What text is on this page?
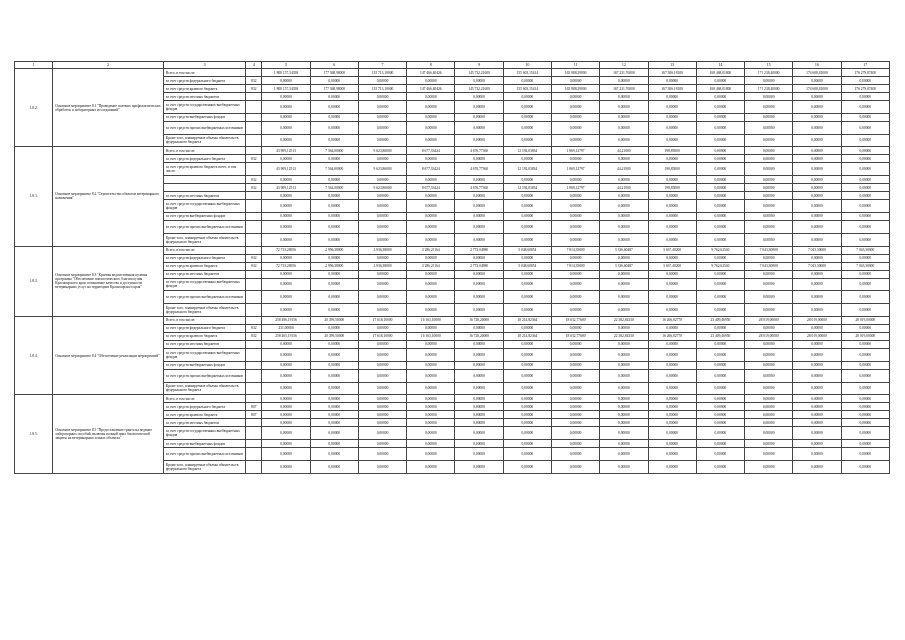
1	2	3	4	5	6	7	8	9	10	11	12	13	14	15	16	17
1.8.2.	Основное мероприятие 8.1 "Проведение полевых профилактических обработок и лабораторных исследований"	Всего, в том числе:		1 808 157,34358	177 368,98000	135 713,10000	147 466,40426	145 732,21600	155 603,15414	165 888,29000	167 231,76000	167 306,18100	168 468,01800	171 238,40000	174 608,81000	176 279,87400
		за счет средств федерального бюджета	832	0,00000	0,00000	0,00000	0,00000	0,00000	0,00000	0,00000	0,00000	0,00000	0,00000	0,00000	0,00000	0,00000
		за счет средств краевого бюджета	832	1 808 157,34358	177 368,98000	135 713,10000	147 466,40426	145 732,21600	155 603,15414	165 888,29000	167 231,76000	167 306,18100	168 468,01800	171 238,40000	174 608,81000	176 279,87400
		за счет средств местных бюджетов		0,00000	0,00000	0,00000	0,00000	0,00000	0,00000	0,00000	0,00000	0,00000	0,00000	0,00000	0,00000	0,00000
		за счет средств государственных внебюджетных фондов		0,00000	0,00000	0,00000	0,00000	0,00000	0,00000	0,00000	0,00000	0,00000	0,00000	0,00000	0,00000	0,00000
		за счет средств внебюджетных фондов		0,00000	0,00000	0,00000	0,00000	0,00000	0,00000	0,00000	0,00000	0,00000	0,00000	0,00000	0,00000	0,00000
		за счет средств прочих внебюджетных источников		0,00000	0,00000	0,00000	0,00000	0,00000	0,00000	0,00000	0,00000	0,00000	0,00000	0,00000	0,00000	0,00000
		Кроме того, планируемые объемы обязательств федерального бюджета		0,00000	0,00000	0,00000	0,00000	0,00000	0,00000	0,00000	0,00000	0,00000	0,00000	0,00000	0,00000	0,00000
1.8.3.	Основное мероприятие 8.2 "Строительство объектов ветеринарного назначения"	Всего, в том числе:		43 909,12513	7 564,00000	9 623,86000	8 677,33424	4 676,77360	12 192,03834	1 869,12797	44,21000	198,85000	0,00000	0,00000	0,00000	0,00000
		за счет средств федерального бюджета	832	0,00000	0,00000	0,00000	0,00000	0,00000	0,00000	0,00000	0,00000	0,00000	0,00000	0,00000	0,00000	0,00000
		за счет средств краевого бюджета всего, в том числе:		43 909,12513	7 564,00000	9 623,86000	8 677,33424	4 676,77360	12 192,03834	1 869,12797	44,21000	198,85000	0,00000	0,00000	0,00000	0,00000
			832	0,00000	0,00000	0,00000	0,00000	0,00000	0,00000	0,00000	0,00000	0,00000	0,00000	0,00000	0,00000	0,00000
			832	43 909,12513	7 564,00000	9 623,86000	8 677,33424	4 676,77360	12 192,03834	1 869,12797	44,21000	198,85000	0,00000	0,00000	0,00000	0,00000
		за счет средств местных бюджетов		0,00000	0,00000	0,00000	0,00000	0,00000	0,00000	0,00000	0,00000	0,00000	0,00000	0,00000	0,00000	0,00000
		за счет средств государственных внебюджетных фондов		0,00000	0,00000	0,00000	0,00000	0,00000	0,00000	0,00000	0,00000	0,00000	0,00000	0,00000	0,00000	0,00000
		за счет средств внебюджетных фондов		0,00000	0,00000	0,00000	0,00000	0,00000	0,00000	0,00000	0,00000	0,00000	0,00000	0,00000	0,00000	0,00000
		за счет средств прочих внебюджетных источников		0,00000	0,00000	0,00000	0,00000	0,00000	0,00000	0,00000	0,00000	0,00000	0,00000	0,00000	0,00000	0,00000
		Кроме того, планируемые объемы обязательств федерального бюджета		0,00000	0,00000	0,00000	0,00000	0,00000	0,00000	0,00000	0,00000	0,00000	0,00000	0,00000	0,00000	0,00000
1.8.3.	Основное мероприятие 8.3 "Краевая ведомственная целевая программа "Обеспечение эпизоотического благополучия Красноярского края, повышение качества и доступности ветеринарных услуг на территории Красноярского края"	Всего, в том числе:		72 713,26956	2 996,38000	2 936,38000	3 286,21164	2 772,04980	5 048,60854	7 814,35000	3 336,60487	3 637,40200	9 762,62540	7 043,30000	7 043,30000	7 043,30000
		за счет средств федерального бюджета	832	0,00000	0,00000	0,00000	0,00000	0,00000	0,00000	0,00000	0,00000	0,00000	0,00000	0,00000	0,00000	0,00000
		за счет средств краевого бюджета	832	72 713,26956	2 996,38000	2 936,38000	3 286,21164	2 772,04980	5 048,60854	7 814,35000	3 336,60487	3 637,40200	9 762,62540	7 043,30000	7 043,30000	7 043,30000
		за счет средств местных бюджетов		0,00000	0,00000	0,00000	0,00000	0,00000	0,00000	0,00000	0,00000	0,00000	0,00000	0,00000	0,00000	0,00000
		за счет средств государственных внебюджетных фондов		0,00000	0,00000	0,00000	0,00000	0,00000	0,00000	0,00000	0,00000	0,00000	0,00000	0,00000	0,00000	0,00000
		за счет средств прочих внебюджетных источников		0,00000	0,00000	0,00000	0,00000	0,00000	0,00000	0,00000	0,00000	0,00000	0,00000	0,00000	0,00000	0,00000
		Кроме того, планируемые объемы обязательств федерального бюджета		0,00000	0,00000	0,00000	0,00000	0,00000	0,00000	0,00000	0,00000	0,00000	0,00000	0,00000	0,00000	0,00000
1.8.4.	Основное мероприятие 8.4 "Обеспечение реализации мероприятий"	Всего, в том числе:		258 496,19156	20 399,50000	17 618,10000	16 163,10000	16 728,20000	18 214,82364	18 632,77680	22 382,84330	16 266,82770	23 409,46950	28 019,00000	28 019,00000	28 019,00000
		за счет средств федерального бюджета	832	231,00000	0,00000	0,00000	0,00000	0,00000	0,00000	0,00000	0,00000	0,00000	0,00000	0,00000	0,00000	0,00000
		за счет средств краевого бюджета	832	258 265,19156	20 399,50000	17 618,10000	16 163,10000	16 728,20000	18 214,82364	18 632,77680	22 382,84330	16 266,82770	23 409,46950	28 019,00000	28 019,00000	28 019,00000
		за счет средств местных бюджетов		0,00000	0,00000	0,00000	0,00000	0,00000	0,00000	0,00000	0,00000	0,00000	0,00000	0,00000	0,00000	0,00000
		за счет средств государственных внебюджетных фондов		0,00000	0,00000	0,00000	0,00000	0,00000	0,00000	0,00000	0,00000	0,00000	0,00000	0,00000	0,00000	0,00000
		за счет средств внебюджетных фондов		0,00000	0,00000	0,00000	0,00000	0,00000	0,00000	0,00000	0,00000	0,00000	0,00000	0,00000	0,00000	0,00000
		за счет средств прочих внебюджетных источников		0,00000	0,00000	0,00000	0,00000	0,00000	0,00000	0,00000	0,00000	0,00000	0,00000	0,00000	0,00000	0,00000
		Кроме того, планируемые объемы обязательств федерального бюджета		0,00000	0,00000	0,00000	0,00000	0,00000	0,00000	0,00000	0,00000	0,00000	0,00000	0,00000	0,00000	0,00000
1.8.5.	Основное мероприятие 8.5 "Предоставление гранта на ведение лабораторных пособий, включая полный цикл биологической защиты на ветеринарных и иных объектах"	Всего, в том числе:		0,00000	0,00000	0,00000	0,00000	0,00000	0,00000	0,00000	0,00000	0,00000	0,00000	0,00000	0,00000	0,00000
		за счет средств федерального бюджета	807	0,00000	0,00000	0,00000	0,00000	0,00000	0,00000	0,00000	0,00000	0,00000	0,00000	0,00000	0,00000	0,00000
		за счет средств краевого бюджета	807	0,00000	0,00000	0,00000	0,00000	0,00000	0,00000	0,00000	0,00000	0,00000	0,00000	0,00000	0,00000	0,00000
		за счет средств местных бюджетов		0,00000	0,00000	0,00000	0,00000	0,00000	0,00000	0,00000	0,00000	0,00000	0,00000	0,00000	0,00000	0,00000
		за счет средств государственных внебюджетных фондов		0,00000	0,00000	0,00000	0,00000	0,00000	0,00000	0,00000	0,00000	0,00000	0,00000	0,00000	0,00000	0,00000
		за счет средств внебюджетных фондов		0,00000	0,00000	0,00000	0,00000	0,00000	0,00000	0,00000	0,00000	0,00000	0,00000	0,00000	0,00000	0,00000
		за счет средств прочих внебюджетных источников		0,00000	0,00000	0,00000	0,00000	0,00000	0,00000	0,00000	0,00000	0,00000	0,00000	0,00000	0,00000	0,00000
		Кроме того, планируемые объемы обязательств федерального бюджета		0,00000	0,00000	0,00000	0,00000	0,00000	0,00000	0,00000	0,00000	0,00000	0,00000	0,00000	0,00000	0,00000
